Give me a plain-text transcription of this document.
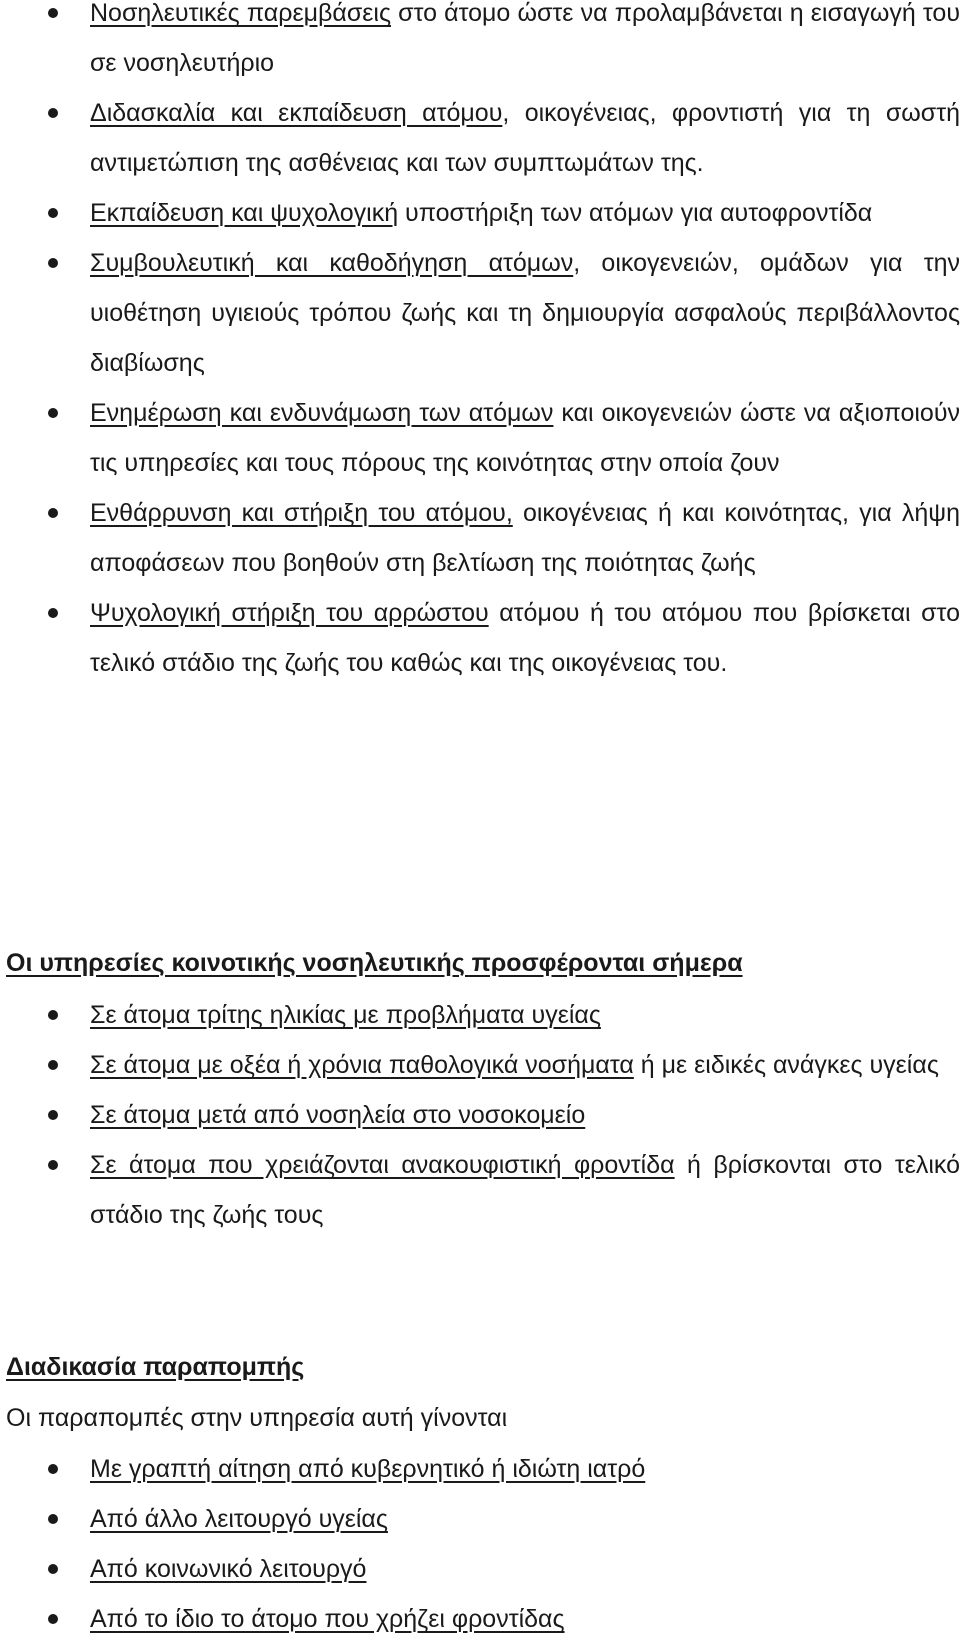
Νοσηλευτικές παρεμβάσεις στο άτομο ώστε να προλαμβάνεται η εισαγωγή του σε νοσηλευτήριο
Διδασκαλία και εκπαίδευση ατόμου, οικογένειας, φροντιστή για τη σωστή αντιμετώπιση της ασθένειας και των συμπτωμάτων της.
Εκπαίδευση και ψυχολογική υποστήριξη των ατόμων για αυτοφροντίδα
Συμβουλευτική και καθοδήγηση ατόμων, οικογενειών, ομάδων για την υιοθέτηση υγιειούς τρόπου ζωής και τη δημιουργία ασφαλούς περιβάλλοντος διαβίωσης
Ενημέρωση και ενδυνάμωση των ατόμων και οικογενειών ώστε να αξιοποιούν τις υπηρεσίες και τους πόρους της κοινότητας στην οποία ζουν
Ενθάρρυνση και στήριξη του ατόμου, οικογένειας ή και κοινότητας, για λήψη αποφάσεων που βοηθούν στη βελτίωση της ποιότητας ζωής
Ψυχολογική στήριξη του αρρώστου ατόμου ή του ατόμου που βρίσκεται στο τελικό στάδιο της ζωής του καθώς και της οικογένειας του.
Οι υπηρεσίες κοινοτικής νοσηλευτικής προσφέρονται σήμερα
Σε άτομα τρίτης ηλικίας με προβλήματα υγείας
Σε άτομα με οξέα ή χρόνια παθολογικά νοσήματα ή με ειδικές ανάγκες υγείας
Σε άτομα μετά από νοσηλεία στο νοσοκομείο
Σε άτομα που χρειάζονται ανακουφιστική φροντίδα ή βρίσκονται στο τελικό στάδιο της ζωής τους
Διαδικασία παραπομπής
Οι παραπομπές στην υπηρεσία αυτή γίνονται
Με γραπτή αίτηση από κυβερνητικό ή ιδιώτη ιατρό
Από άλλο λειτουργό υγείας
Από κοινωνικό λειτουργό
Από το ίδιο το άτομο που χρήζει φροντίδας
